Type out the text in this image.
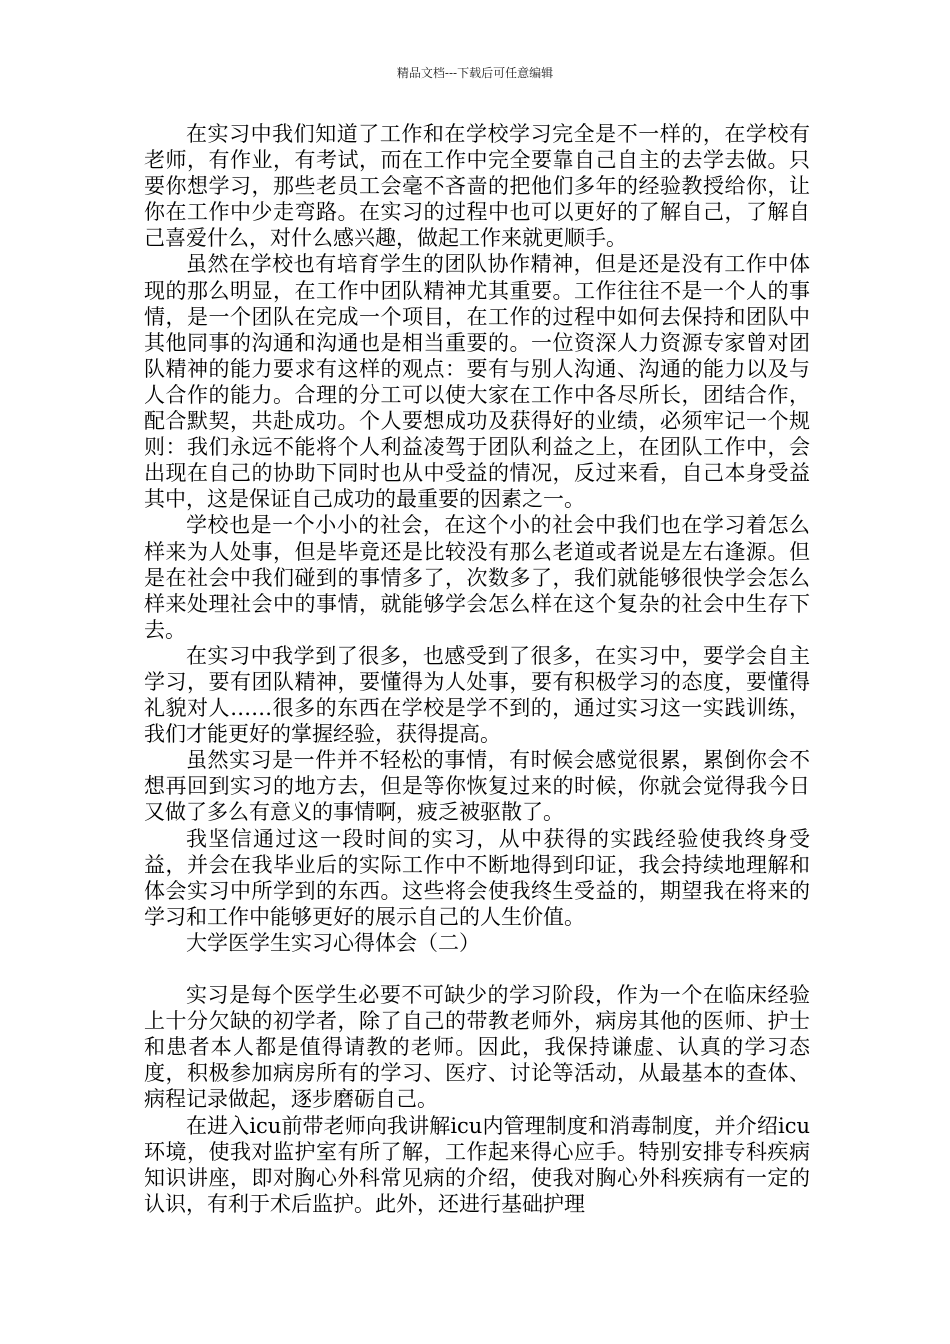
精品文档---下载后可任意编辑

在实习中我们知道了工作和在学校学习完全是不一样的，在学校有老师，有作业，有考试，而在工作中完全要靠自己自主的去学去做。只要你想学习，那些老员工会毫不吝啬的把他们多年的经验教授给你，让你在工作中少走弯路。在实习的过程中也可以更好的了解自己，了解自己喜爱什么，对什么感兴趣，做起工作来就更顺手。

虽然在学校也有培育学生的团队协作精神，但是还是没有工作中体现的那么明显，在工作中团队精神尤其重要。工作往往不是一个人的事情，是一个团队在完成一个项目，在工作的过程中如何去保持和团队中其他同事的沟通和沟通也是相当重要的。一位资深人力资源专家曾对团队精神的能力要求有这样的观点：要有与别人沟通、沟通的能力以及与人合作的能力。合理的分工可以使大家在工作中各尽所长，团结合作，配合默契，共赴成功。个人要想成功及获得好的业绩，必须牢记一个规则：我们永远不能将个人利益凌驾于团队利益之上，在团队工作中，会出现在自己的协助下同时也从中受益的情况，反过来看，自己本身受益其中，这是保证自己成功的最重要的因素之一。

学校也是一个小小的社会，在这个小的社会中我们也在学习着怎么样来为人处事，但是毕竟还是比较没有那么老道或者说是左右逢源。但是在社会中我们碰到的事情多了，次数多了，我们就能够很快学会怎么样来处理社会中的事情，就能够学会怎么样在这个复杂的社会中生存下去。

在实习中我学到了很多，也感受到了很多，在实习中，要学会自主学习，要有团队精神，要懂得为人处事，要有积极学习的态度，要懂得礼貌对人……很多的东西在学校是学不到的，通过实习这一实践训练，我们才能更好的掌握经验，获得提高。

虽然实习是一件并不轻松的事情，有时候会感觉很累，累倒你会不想再回到实习的地方去，但是等你恢复过来的时候，你就会觉得我今日又做了多么有意义的事情啊，疲乏被驱散了。

我坚信通过这一段时间的实习，从中获得的实践经验使我终身受益，并会在我毕业后的实际工作中不断地得到印证，我会持续地理解和体会实习中所学到的东西。这些将会使我终生受益的，期望我在将来的学习和工作中能够更好的展示自己的人生价值。

大学医学生实习心得体会（二）

实习是每个医学生必要不可缺少的学习阶段，作为一个在临床经验上十分欠缺的初学者，除了自己的带教老师外，病房其他的医师、护士和患者本人都是值得请教的老师。因此，我保持谦虚、认真的学习态度，积极参加病房所有的学习、医疗、讨论等活动，从最基本的查体、病程记录做起，逐步磨砺自己。

在进入icu前带老师向我讲解icu内管理制度和消毒制度，并介绍icu环境，使我对监护室有所了解，工作起来得心应手。特别安排专科疾病知识讲座，即对胸心外科常见病的介绍，使我对胸心外科疾病有一定的认识，有利于术后监护。此外，还进行基础护理
